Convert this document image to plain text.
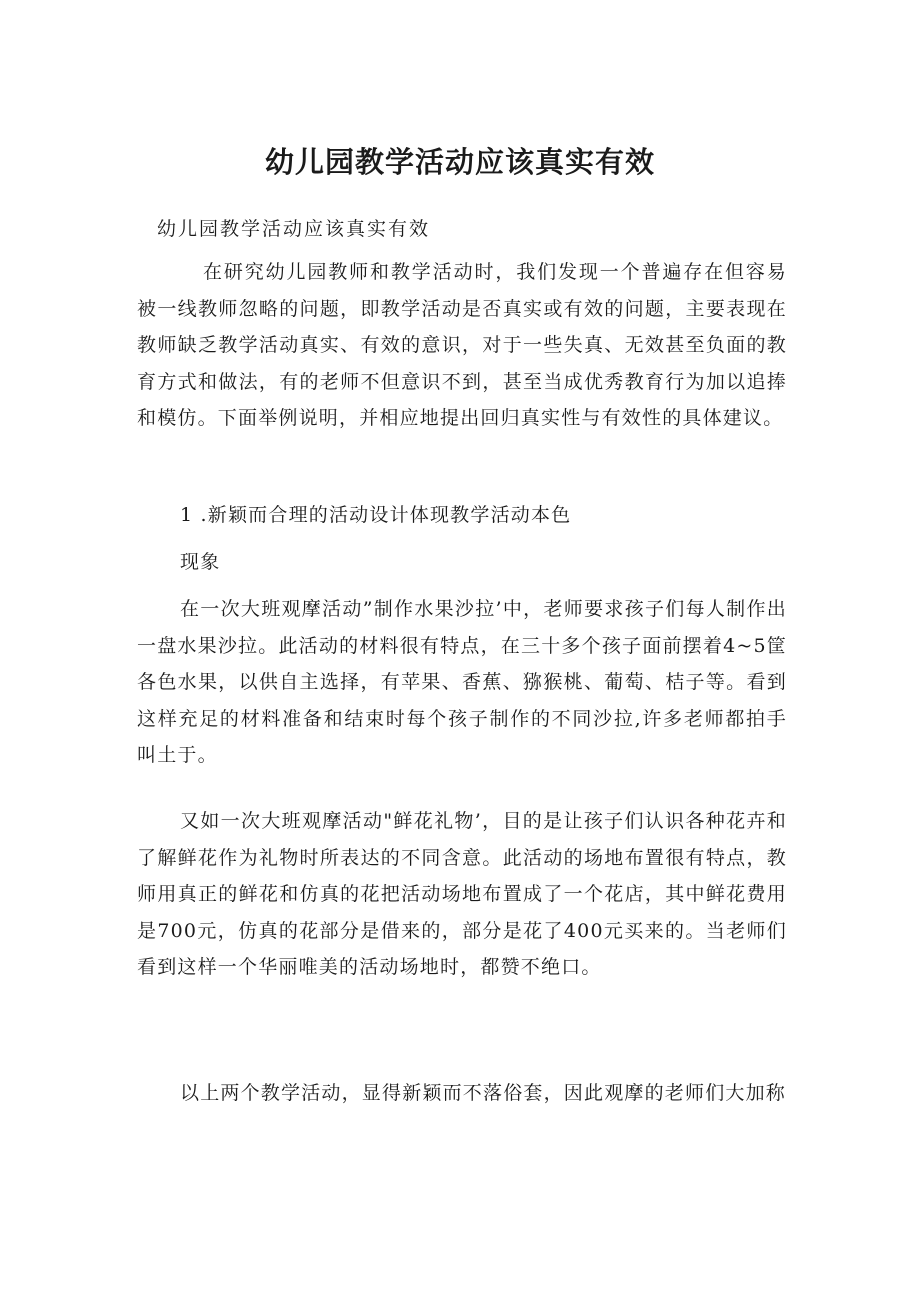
幼儿园教学活动应该真实有效
幼儿园教学活动应该真实有效

在研究幼儿园教师和教学活动时，我们发现一个普遍存在但容易被一线教师忽略的问题，即教学活动是否真实或有效的问题，主要表现在教师缺乏教学活动真实、有效的意识，对于一些失真、无效甚至负面的教育方式和做法，有的老师不但意识不到，甚至当成优秀教育行为加以追捧和模仿。下面举例说明，并相应地提出回归真实性与有效性的具体建议。

1 .新颖而合理的活动设计体现教学活动本色

现象

在一次大班观摩活动”制作水果沙拉’中，老师要求孩子们每人制作出一盘水果沙拉。此活动的材料很有特点，在三十多个孩子面前摆着4~5筐各色水果，以供自主选择，有苹果、香蕉、猕猴桃、葡萄、桔子等。看到这样充足的材料准备和结束时每个孩子制作的不同沙拉,许多老师都拍手叫土于。

又如一次大班观摩活动"鲜花礼物’，目的是让孩子们认识各种花卉和了解鲜花作为礼物时所表达的不同含意。此活动的场地布置很有特点，教师用真正的鲜花和仿真的花把活动场地布置成了一个花店，其中鲜花费用是700元，仿真的花部分是借来的，部分是花了400元买来的。当老师们看到这样一个华丽唯美的活动场地时，都赞不绝口。

以上两个教学活动，显得新颖而不落俗套，因此观摩的老师们大加称
